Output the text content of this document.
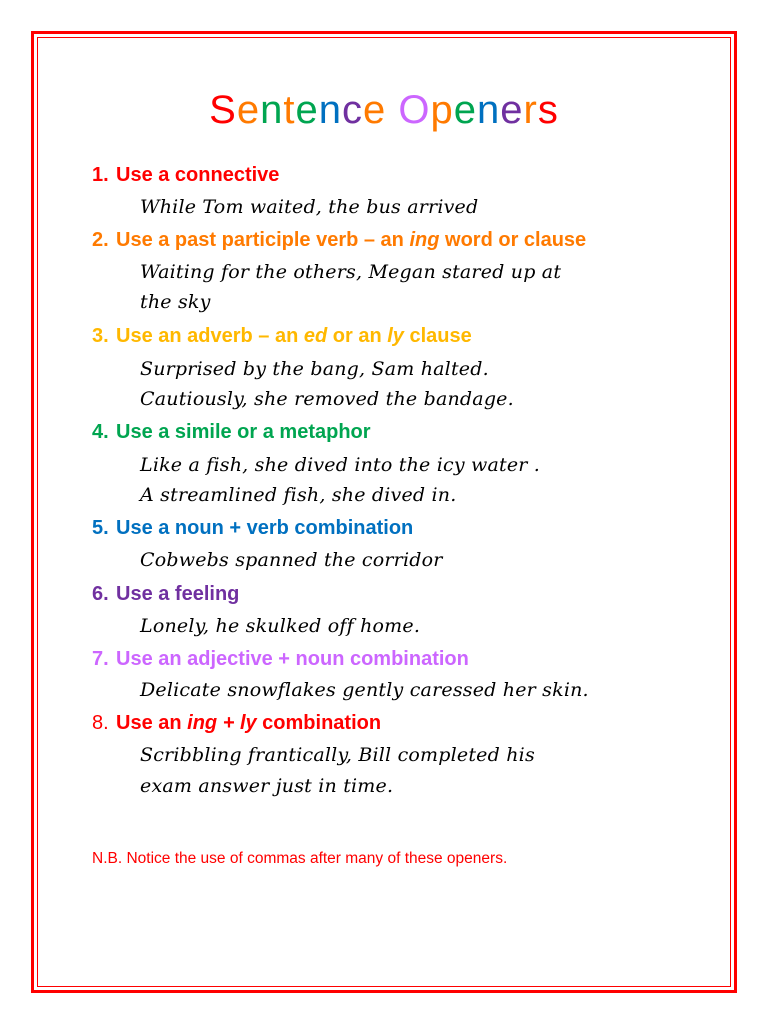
Sentence Openers
1. Use a connective
While Tom waited, the bus arrived
2. Use a past participle verb – an ing word or clause
Waiting for the others, Megan stared up at
the sky
3. Use an adverb – an ed or an ly clause
Surprised by the bang, Sam halted.
Cautiously, she removed the bandage.
4. Use a simile or a metaphor
Like a fish, she dived into the icy water .
A streamlined fish, she dived in.
5. Use a noun + verb combination
Cobwebs spanned the corridor
6. Use a feeling
Lonely, he skulked off home.
7. Use an adjective + noun combination
Delicate snowflakes gently caressed her skin.
8. Use an ing + ly combination
Scribbling frantically, Bill completed his
exam answer just in time.
N.B. Notice the use of commas after many of these openers.
